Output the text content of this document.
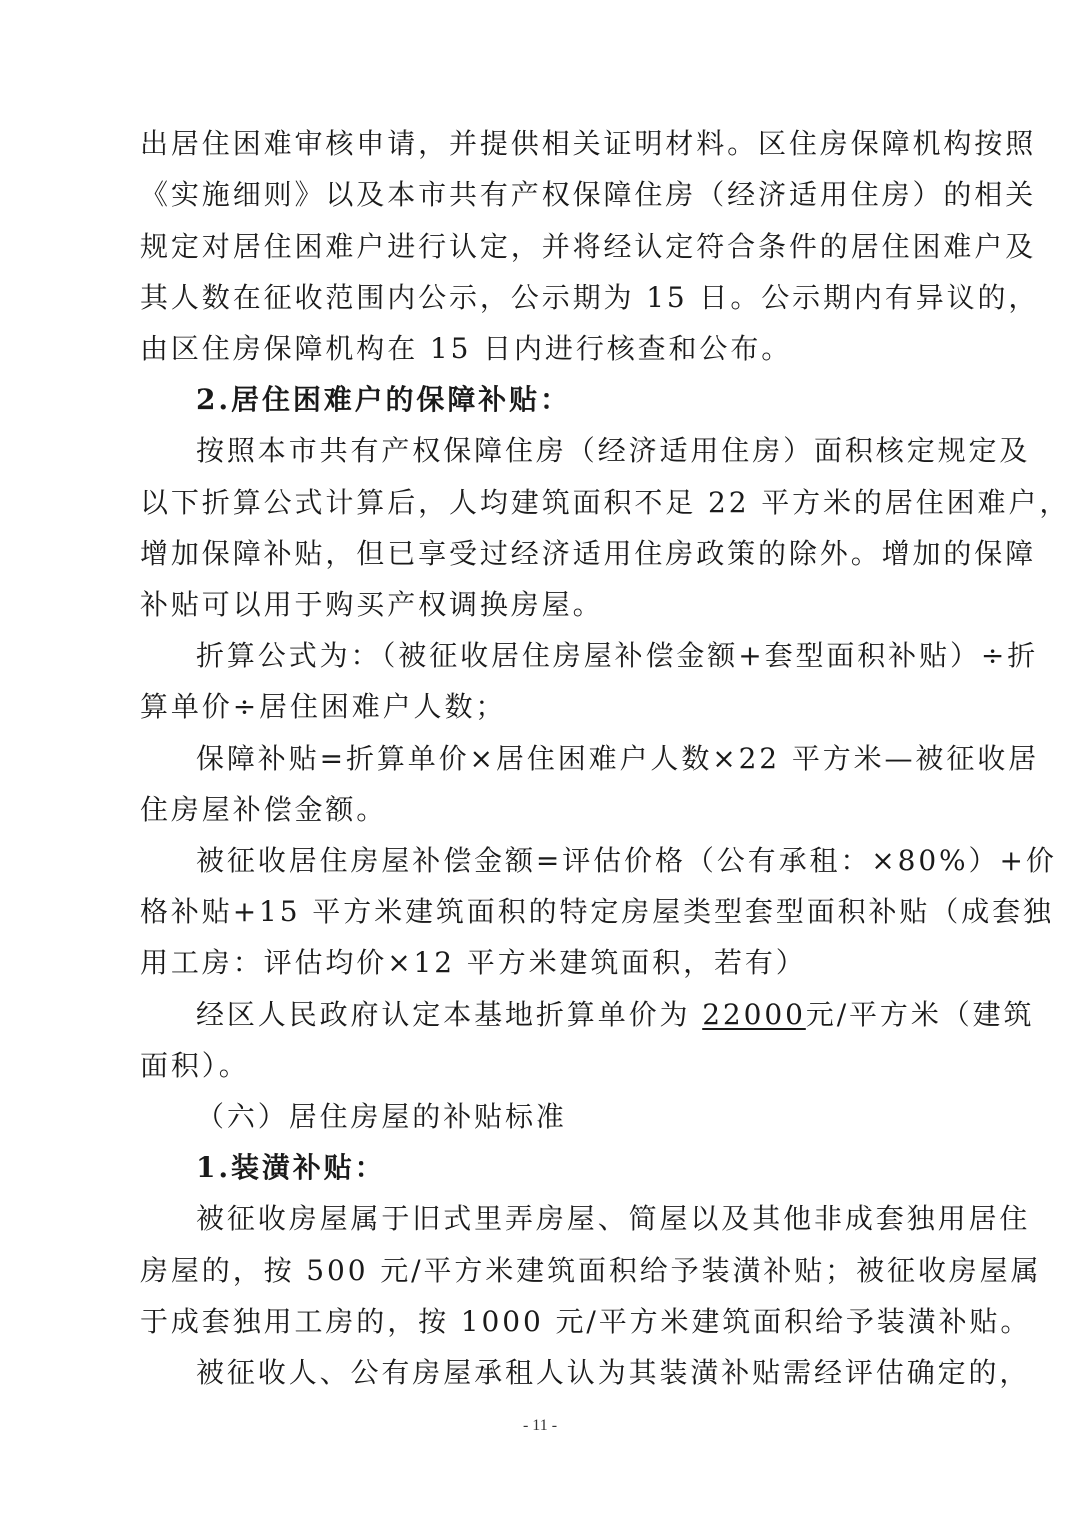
出居住困难审核申请，并提供相关证明材料。区住房保障机构按照
《实施细则》以及本市共有产权保障住房（经济适用住房）的相关
规定对居住困难户进行认定，并将经认定符合条件的居住困难户及
其人数在征收范围内公示，公示期为 15 日。公示期内有异议的，
由区住房保障机构在 15 日内进行核查和公布。
2.居住困难户的保障补贴：
按照本市共有产权保障住房（经济适用住房）面积核定规定及
以下折算公式计算后，人均建筑面积不足 22 平方米的居住困难户，
增加保障补贴，但已享受过经济适用住房政策的除外。增加的保障
补贴可以用于购买产权调换房屋。
折算公式为：（被征收居住房屋补偿金额+套型面积补贴）÷折
算单价÷居住困难户人数；
保障补贴=折算单价×居住困难户人数×22 平方米—被征收居
住房屋补偿金额。
被征收居住房屋补偿金额=评估价格（公有承租：×80%）+价
格补贴+15 平方米建筑面积的特定房屋类型套型面积补贴（成套独
用工房：评估均价×12 平方米建筑面积，若有）
经区人民政府认定本基地折算单价为 22000元/平方米（建筑
面积）。
（六）居住房屋的补贴标准
1.装潢补贴：
被征收房屋属于旧式里弄房屋、简屋以及其他非成套独用居住
房屋的，按 500 元/平方米建筑面积给予装潢补贴；被征收房屋属
于成套独用工房的，按 1000 元/平方米建筑面积给予装潢补贴。
被征收人、公有房屋承租人认为其装潢补贴需经评估确定的，
- 11 -
